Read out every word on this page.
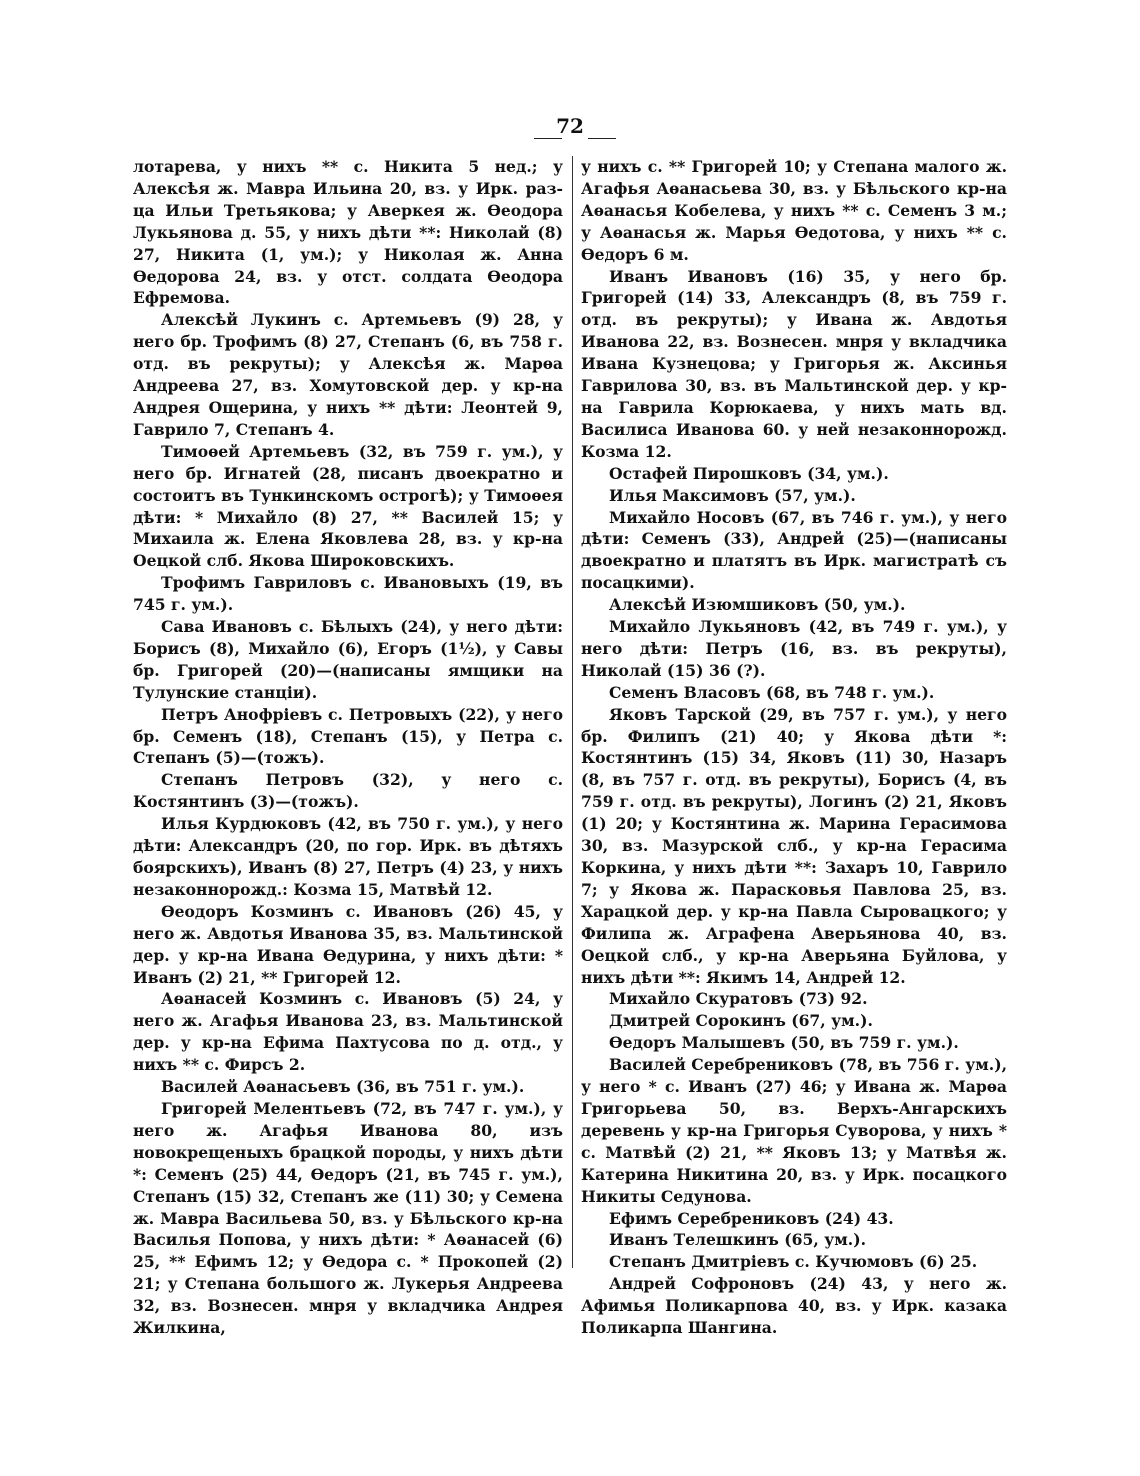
72

лотарева, у нихъ ** с. Никита 5 нед.; у Алексѣя ж. Мавра Ильина 20, вз. у Ирк. раз-ца Ильи Третьякова; у Аверкея ж. Ѳеодора Лукьянова д. 55, у нихъ дѣти **: Николай (8) 27, Никита (1, ум.); у Николая ж. Анна Ѳедорова 24, вз. у отст. солдата Ѳеодора Ефремова.

Алексѣй Лукинъ с. Артемьевъ (9) 28, у него бр. Трофимъ (8) 27, Степанъ (6, въ 758 г. отд. въ рекруты); у Алексѣя ж. Марѳа Андреева 27, вз. Хомутовской дер. у кр-на Андрея Ощерина, у нихъ ** дѣти: Леонтей 9, Гаврило 7, Степанъ 4.

Тимоѳей Артемьевъ (32, въ 759 г. ум.), у него бр. Игнатей (28, писанъ двоекратно и состоитъ въ Тункинскомъ острогѣ); у Тимоѳея дѣти: * Михайло (8) 27, ** Василей 15; у Михаила ж. Елена Яковлева 28, вз. у кр-на Оецкой слб. Якова Широковскихъ.

Трофимъ Гавриловъ с. Ивановыхъ (19, въ 745 г. ум.).

Сава Ивановъ с. Бѣлыхъ (24), у него дѣти: Борисъ (8), Михайло (6), Егоръ (1½), у Савы бр. Григорей (20)—(написаны ямщики на Тулунские станціи).

Петръ Анофріевъ с. Петровыхъ (22), у него бр. Семенъ (18), Степанъ (15), у Петра с. Степанъ (5)—(тожъ).

Степанъ Петровъ (32), у него с. Костянтинъ (3)—(тожъ).

Илья Курдюковъ (42, въ 750 г. ум.), у него дѣти: Александръ (20, по гор. Ирк. въ дѣтяхъ боярскихъ), Иванъ (8) 27, Петръ (4) 23, у нихъ незаконнорожд.: Козма 15, Матвѣй 12.

Ѳеодоръ Козминъ с. Ивановъ (26) 45, у него ж. Авдотья Иванова 35, вз. Мальтинской дер. у кр-на Ивана Ѳедурина, у нихъ дѣти: * Иванъ (2) 21, ** Григорей 12.

Аѳанасей Козминъ с. Ивановъ (5) 24, у него ж. Агафья Иванова 23, вз. Мальтинской дер. у кр-на Ефима Пахтусова по д. отд., у нихъ ** с. Фирсъ 2.

Василей Аѳанасьевъ (36, въ 751 г. ум.).

Григорей Мелентьевъ (72, въ 747 г. ум.), у него ж. Агафья Иванова 80, изъ новокрещеныхъ брацкой породы, у нихъ дѣти *: Семенъ (25) 44, Ѳедоръ (21, въ 745 г. ум.), Степанъ (15) 32, Степанъ же (11) 30; у Семена ж. Мавра Васильева 50, вз. у Бѣльского кр-на Василья Попова, у нихъ дѣти: * Аѳанасей (6) 25, ** Ефимъ 12; у Ѳедора с. * Прокопей (2) 21; у Степана большого ж. Лукерья Андреева 32, вз. Вознесен. мнря у вкладчика Андрея Жилкина,

у нихъ с. ** Григорей 10; у Степана малого ж. Агафья Аѳанасьева 30, вз. у Бѣльского кр-на Аѳанасья Кобелева, у нихъ ** с. Семенъ 3 м.; у Аѳанасья ж. Марья Ѳедотова, у нихъ ** с. Ѳедоръ 6 м.

Иванъ Ивановъ (16) 35, у него бр. Григорей (14) 33, Александръ (8, въ 759 г. отд. въ рекруты); у Ивана ж. Авдотья Иванова 22, вз. Вознесен. мнря у вкладчика Ивана Кузнецова; у Григорья ж. Аксинья Гаврилова 30, вз. въ Мальтинской дер. у кр-на Гаврила Корюкаева, у нихъ мать вд. Василиса Иванова 60. у ней незаконнорожд. Козма 12.

Остафей Пирошковъ (34, ум.).

Илья Максимовъ (57, ум.).

Михайло Носовъ (67, въ 746 г. ум.), у него дѣти: Семенъ (33), Андрей (25)—(написаны двоекратно и платятъ въ Ирк. магистратѣ съ посацкими).

Алексѣй Изюмшиковъ (50, ум.).

Михайло Лукьяновъ (42, въ 749 г. ум.), у него дѣти: Петръ (16, вз. въ рекруты), Николай (15) 36 (?).

Семенъ Власовъ (68, въ 748 г. ум.).

Яковъ Тарской (29, въ 757 г. ум.), у него бр. Филипъ (21) 40; у Якова дѣти *: Костянтинъ (15) 34, Яковъ (11) 30, Назаръ (8, въ 757 г. отд. въ рекруты), Борисъ (4, въ 759 г. отд. въ рекруты), Логинъ (2) 21, Яковъ (1) 20; у Костянтина ж. Марина Герасимова 30, вз. Мазурской слб., у кр-на Герасима Коркина, у нихъ дѣти **: Захаръ 10, Гаврило 7; у Якова ж. Парасковья Павлова 25, вз. Харацкой дер. у кр-на Павла Сыровацкого; у Филипа ж. Аграфена Аверьянова 40, вз. Оецкой слб., у кр-на Аверьяна Буйлова, у нихъ дѣти **: Якимъ 14, Андрей 12.

Михайло Скуратовъ (73) 92.

Дмитрей Сорокинъ (67, ум.).

Ѳедоръ Малышевъ (50, въ 759 г. ум.).

Василей Серебрениковъ (78, въ 756 г. ум.), у него * с. Иванъ (27) 46; у Ивана ж. Марѳа Григорьева 50, вз. Верхъ-Ангарскихъ деревень у кр-на Григорья Суворова, у нихъ * с. Матвѣй (2) 21, ** Яковъ 13; у Матвѣя ж. Катерина Никитина 20, вз. у Ирк. посацкого Никиты Седунова.

Ефимъ Серебрениковъ (24) 43.

Иванъ Телешкинъ (65, ум.).

Степанъ Дмитріевъ с. Кучюмовъ (6) 25.

Андрей Софроновъ (24) 43, у него ж. Афимья Поликарпова 40, вз. у Ирк. казака Поликарпа Шангина.
